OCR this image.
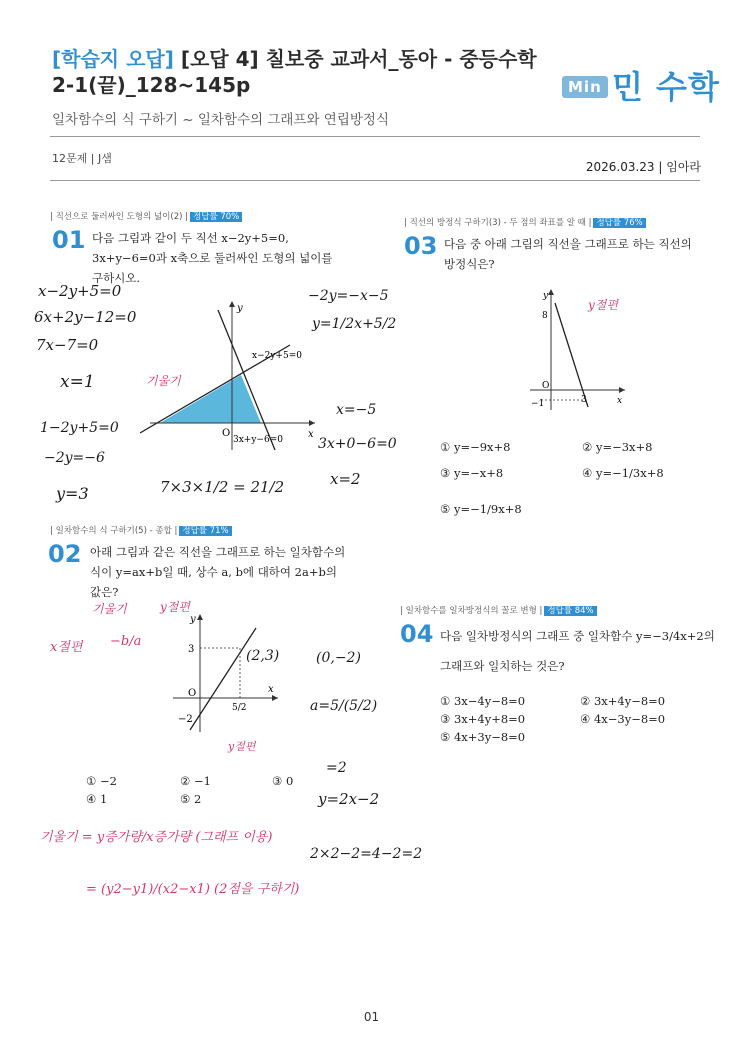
[학습지 오답] [오답 4] 칠보중 교과서_동아 - 중등수학2-1(끝)_128~145p	Min 민 수학
일차함수의 식 구하기 ~ 일차함수의 그래프와 연립방정식
12문제 | J샘
2026.03.23 | 임아라
| 직선으로 둘러싸인 도형의 넓이(2) | 정답률 70%
01 다음 그림과 같이 두 직선 x−2y+5=0,
3x+y−6=0과 x축으로 둘러싸인 도형의 넓이를
구하시오.
y
x
O
x−2y+5=0
3x+y−6=0
x−2y+5=0
6x+2y−12=0
7x−7=0
x=1
1−2y+5=0
−2y=−6
y=3	7×3×1/2 = 21/2
−2y=−x−5
y=1/2x+5/2
x=−5
3x+0−6=0
x=2
기울기
| 직선의 방정식 구하기(3) - 두 점의 좌표를 알 때 | 정답률 76%
03 다음 중 아래 그림의 직선을 그래프로 하는 직선의
방정식은?
y
x
O
8
−1	3
y절편
① y=−9x+8	② y=−3x+8
③ y=−x+8	④ y=−1/3x+8
⑤ y=−1/9x+8
| 일차함수의 식 구하기(5) - 종합 | 정답률 71%
02 아래 그림과 같은 직선을 그래프로 하는 일차함수의
식이 y=ax+b일 때, 상수 a, b에 대하여 2a+b의
값은?
y
x
O
3
−2
5/2
기울기	y절편
x절편 −b/a
(2,3)	(0,−2)
y절편
a=5/(5/2)
=2
y=2x−2
① −2	② −1	③ 0
④ 1	⑤ 2
기울기 = y증가량/x증가량 (그래프 이용)
= (y2−y1)/(x2−x1) (2점을 구하기)
2×2−2=4−2=2
| 일차함수를 일차방정식의 꼴로 변형 | 정답률 84%
04 다음 일차방정식의 그래프 중 일차함수 y=−3/4x+2의
그래프와 일치하는 것은?
① 3x−4y−8=0	② 3x+4y−8=0
③ 3x+4y+8=0	④ 4x−3y−8=0
⑤ 4x+3y−8=0
01
